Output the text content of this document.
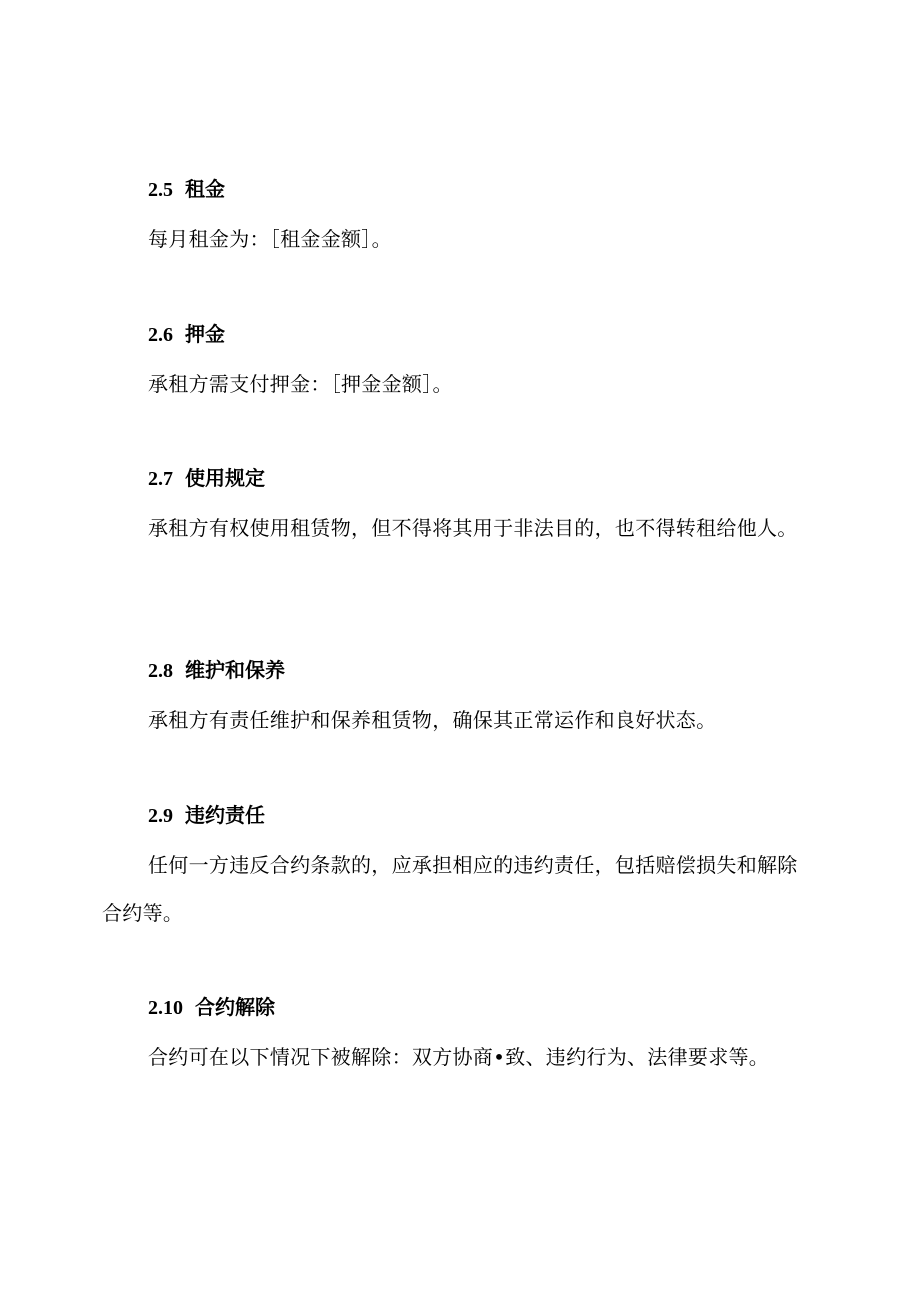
2.5 租金
每月租金为：［租金金额］。
2.6 押金
承租方需支付押金：［押金金额］。
2.7 使用规定
承租方有权使用租赁物，但不得将其用于非法目的，也不得转租给他人。
2.8 维护和保养
承租方有责任维护和保养租赁物，确保其正常运作和良好状态。
2.9 违约责任
任何一方违反合约条款的，应承担相应的违约责任，包括赔偿损失和解除合约等。
2.10 合约解除
合约可在以下情况下被解除：双方协商•致、违约行为、法律要求等。
